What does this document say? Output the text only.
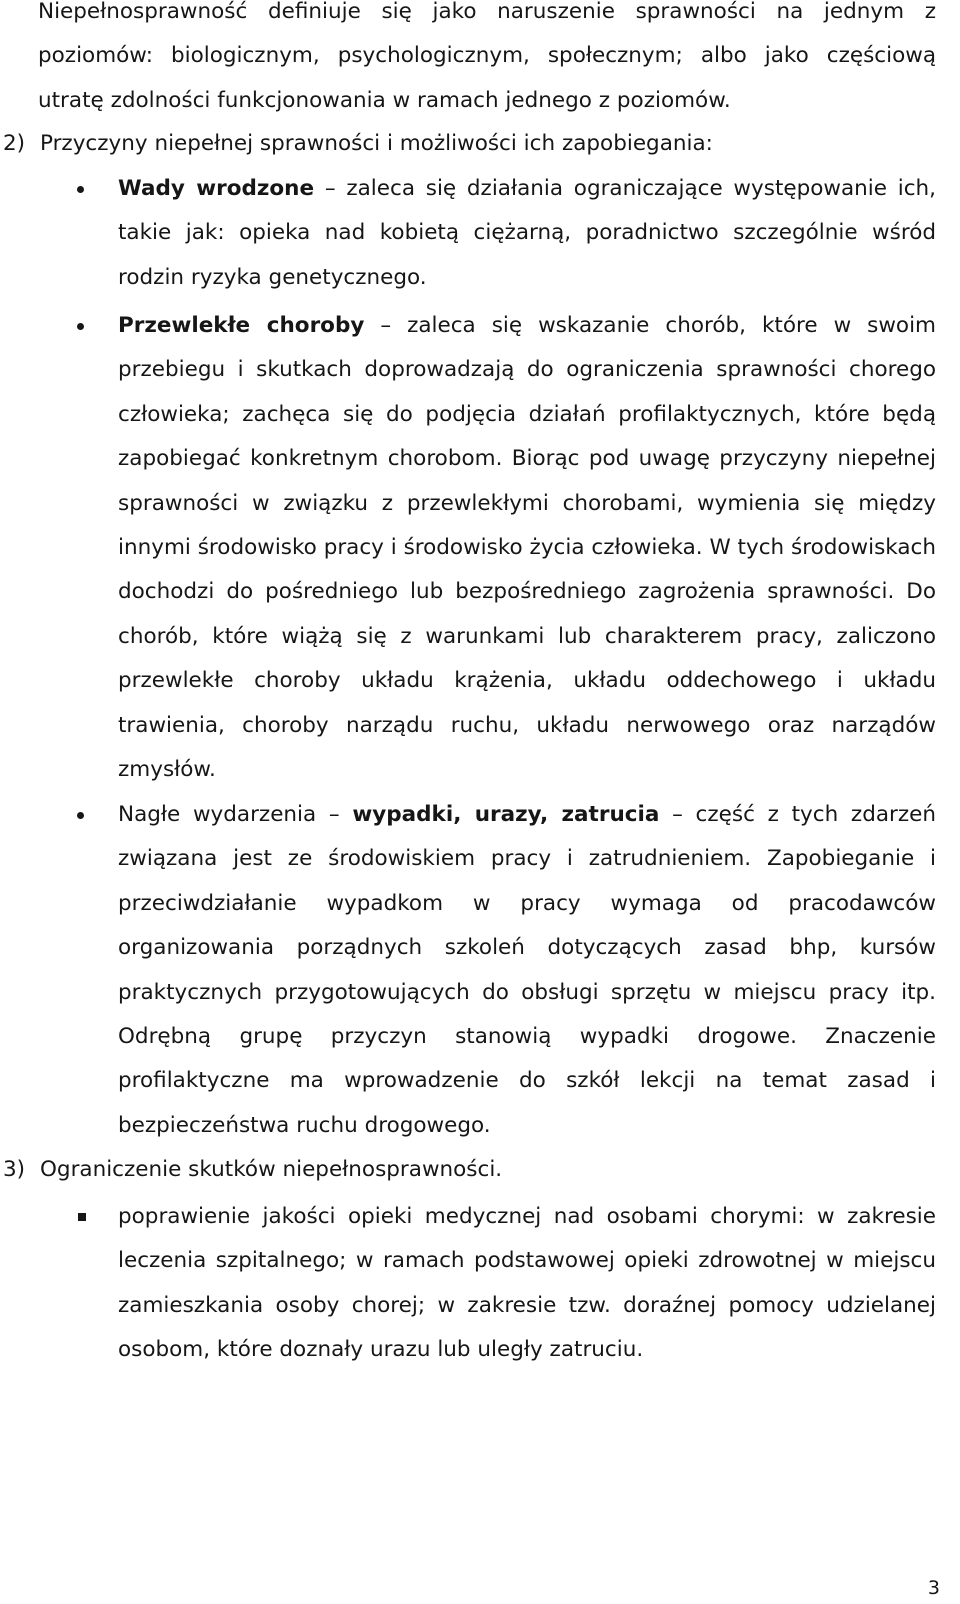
Niepełnosprawność definiuje się jako naruszenie sprawności na jednym z poziomów: biologicznym, psychologicznym, społecznym; albo jako częściową utratę zdolności funkcjonowania w ramach jednego z poziomów.

2) Przyczyny niepełnej sprawności i możliwości ich zapobiegania:

Wady wrodzone – zaleca się działania ograniczające występowanie ich, takie jak: opieka nad kobietą ciężarną, poradnictwo szczególnie wśród rodzin ryzyka genetycznego.

Przewlekłe choroby – zaleca się wskazanie chorób, które w swoim przebiegu i skutkach doprowadzają do ograniczenia sprawności chorego człowieka; zachęca się do podjęcia działań profilaktycznych, które będą zapobiegać konkretnym chorobom. Biorąc pod uwagę przyczyny niepełnej sprawności w związku z przewlekłymi chorobami, wymienia się między innymi środowisko pracy i środowisko życia człowieka. W tych środowiskach dochodzi do pośredniego lub bezpośredniego zagrożenia sprawności. Do chorób, które wiążą się z warunkami lub charakterem pracy, zaliczono przewlekłe choroby układu krążenia, układu oddechowego i układu trawienia, choroby narządu ruchu, układu nerwowego oraz narządów zmysłów.

Nagłe wydarzenia – wypadki, urazy, zatrucia – część z tych zdarzeń związana jest ze środowiskiem pracy i zatrudnieniem. Zapobieganie i przeciwdziałanie wypadkom w pracy wymaga od pracodawców organizowania porządnych szkoleń dotyczących zasad bhp, kursów praktycznych przygotowujących do obsługi sprzętu w miejscu pracy itp. Odrębną grupę przyczyn stanowią wypadki drogowe. Znaczenie profilaktyczne ma wprowadzenie do szkół lekcji na temat zasad i bezpieczeństwa ruchu drogowego.

3) Ograniczenie skutków niepełnosprawności.

poprawienie jakości opieki medycznej nad osobami chorymi: w zakresie leczenia szpitalnego; w ramach podstawowej opieki zdrowotnej w miejscu zamieszkania osoby chorej; w zakresie tzw. doraźnej pomocy udzielanej osobom, które doznały urazu lub uległy zatruciu.

3
